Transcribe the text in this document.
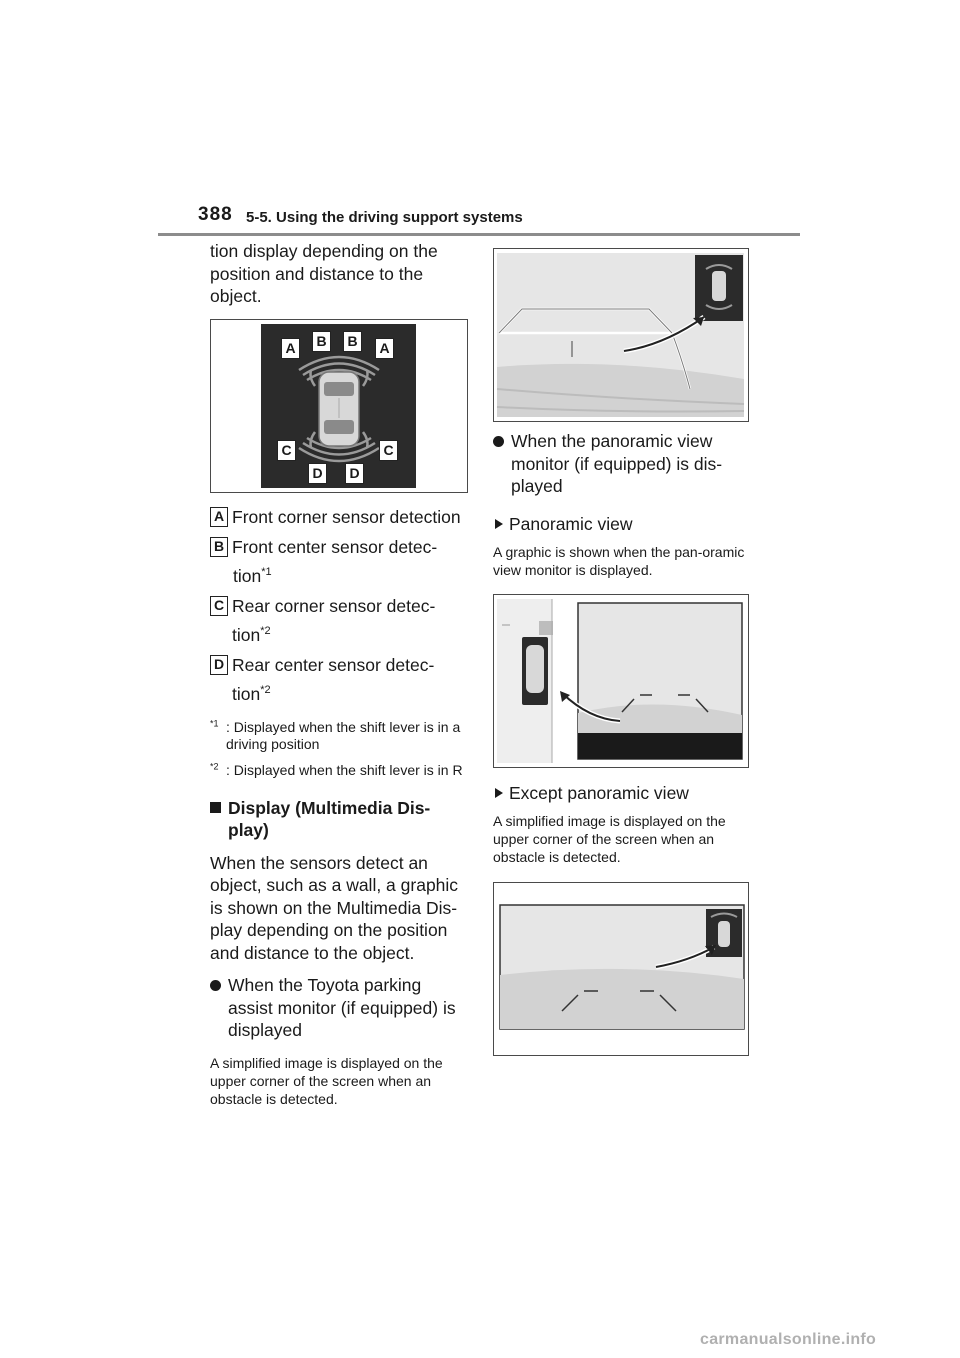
388 5-5. Using the driving support systems

tion display depending on the position and distance to the object.

A	B	B	A
C	C
D	D
A Front corner sensor detection
B Front center sensor detec-
tion$^{*1}$
C Rear corner sensor detec-
tion$^{*2}$
D Rear center sensor detec-
tion$^{*2}$
$^{*1}$ : Displayed when the shift lever is in a driving position
$^{*2}$ : Displayed when the shift lever is in R
Display (Multimedia Dis-
play)

When the sensors detect an object, such as a wall, a graphic is shown on the Multimedia Dis-play depending on the position and distance to the object.

When the Toyota parking assist monitor (if equipped) is displayed

A simplified image is displayed on the upper corner of the screen when an obstacle is detected.

When the panoramic view monitor (if equipped) is dis-played
Panoramic view

A graphic is shown when the pan-oramic view monitor is displayed.

Except panoramic view

A simplified image is displayed on the upper corner of the screen when an obstacle is detected.

carmanualsonline.info
